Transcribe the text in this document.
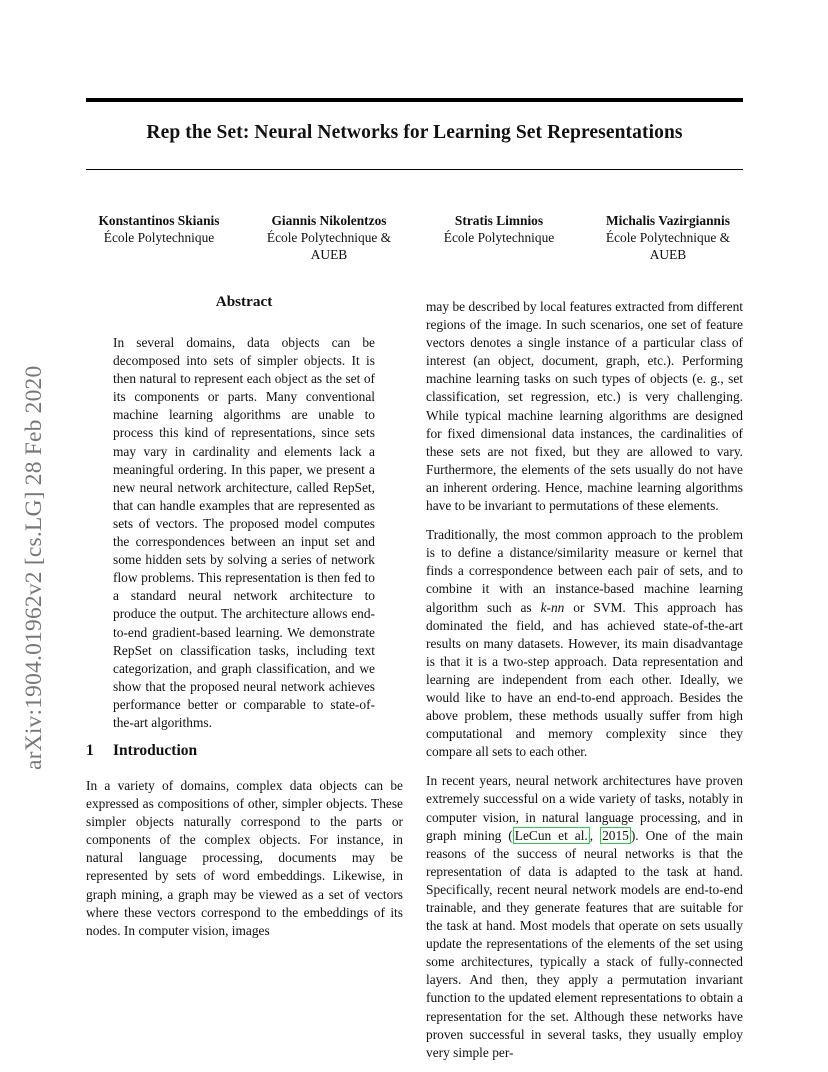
Rep the Set: Neural Networks for Learning Set Representations
Konstantinos Skianis
École Polytechnique
Giannis Nikolentzos
École Polytechnique &
AUEB
Stratis Limnios
École Polytechnique
Michalis Vazirgiannis
École Polytechnique &
AUEB
arXiv:1904.01962v2 [cs.LG] 28 Feb 2020
Abstract

In several domains, data objects can be decomposed into sets of simpler objects. It is then natural to represent each object as the set of its components or parts. Many conventional machine learning algorithms are unable to process this kind of representations, since sets may vary in cardinality and elements lack a meaningful ordering. In this paper, we present a new neural network architecture, called RepSet, that can handle examples that are represented as sets of vectors. The proposed model computes the correspondences between an input set and some hidden sets by solving a series of network flow problems. This representation is then fed to a standard neural network architecture to produce the output. The architecture allows end-to-end gradient-based learning. We demonstrate RepSet on classification tasks, including text categorization, and graph classification, and we show that the proposed neural network achieves performance better or comparable to state-of-the-art algorithms.

1 Introduction

In a variety of domains, complex data objects can be expressed as compositions of other, simpler objects. These simpler objects naturally correspond to the parts or components of the complex objects. For instance, in natural language processing, documents may be represented by sets of word embeddings. Likewise, in graph mining, a graph may be viewed as a set of vectors where these vectors correspond to the embeddings of its nodes. In computer vision, images

may be described by local features extracted from different regions of the image. In such scenarios, one set of feature vectors denotes a single instance of a particular class of interest (an object, document, graph, etc.). Performing machine learning tasks on such types of objects (e. g., set classification, set regression, etc.) is very challenging. While typical machine learning algorithms are designed for fixed dimensional data instances, the cardinalities of these sets are not fixed, but they are allowed to vary. Furthermore, the elements of the sets usually do not have an inherent ordering. Hence, machine learning algorithms have to be invariant to permutations of these elements.

Traditionally, the most common approach to the problem is to define a distance/similarity measure or kernel that finds a correspondence between each pair of sets, and to combine it with an instance-based machine learning algorithm such as k-nn or SVM. This approach has dominated the field, and has achieved state-of-the-art results on many datasets. However, its main disadvantage is that it is a two-step approach. Data representation and learning are independent from each other. Ideally, we would like to have an end-to-end approach. Besides the above problem, these methods usually suffer from high computational and memory complexity since they compare all sets to each other.

In recent years, neural network architectures have proven extremely successful on a wide variety of tasks, notably in computer vision, in natural language processing, and in graph mining ( LeCun et al. , 2015 ). One of the main reasons of the success of neural networks is that the representation of data is adapted to the task at hand. Specifically, recent neural network models are end-to-end trainable, and they generate features that are suitable for the task at hand. Most models that operate on sets usually update the representations of the elements of the set using some architectures, typically a stack of fully-connected layers. And then, they apply a permutation invariant function to the updated element representations to obtain a representation for the set. Although these networks have proven successful in several tasks, they usually employ very simple per-
